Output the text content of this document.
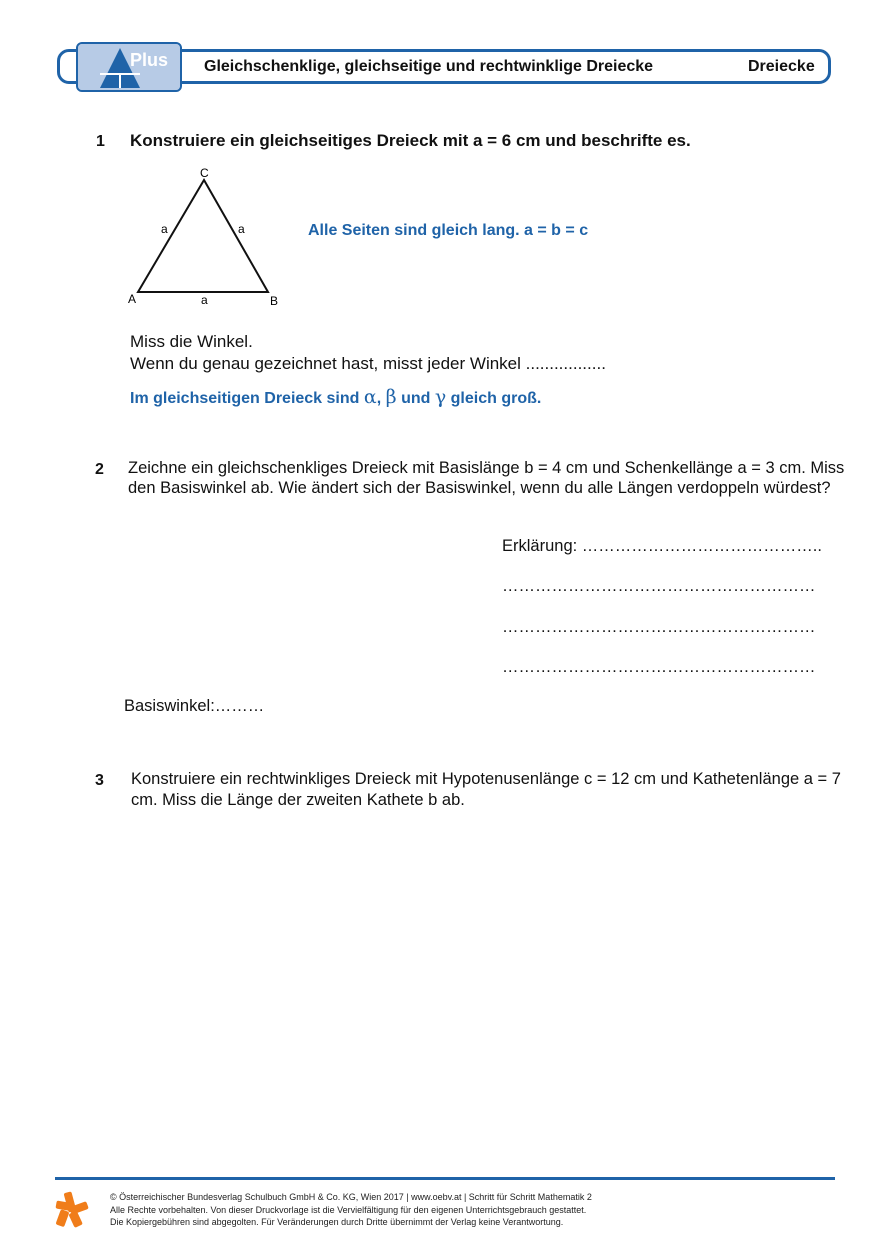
Plus Gleichschenklige, gleichseitige und rechtwinklige Dreiecke	Dreiecke
1 Konstruiere ein gleichseitiges Dreieck mit a = 6 cm und beschrifte es.
C
A	B
a	a
a
Alle Seiten sind gleich lang. a = b = c
Miss die Winkel.
Wenn du genau gezeichnet hast, misst jeder Winkel .................
Im gleichseitigen Dreieck sind α, β und γ gleich groß.
2 Zeichne ein gleichschenkliges Dreieck mit Basislänge b = 4 cm und Schenkellänge a = 3 cm. Miss den Basiswinkel ab. Wie ändert sich der Basiswinkel, wenn du alle Längen verdoppeln würdest?
Erklärung: ……………………………………..
…………………………………………………
…………………………………………………
…………………………………………………
Basiswinkel:………
3 Konstruiere ein rechtwinkliges Dreieck mit Hypotenusenlänge c = 12 cm und Kathetenlänge a = 7 cm. Miss die Länge der zweiten Kathete b ab.
© Österreichischer Bundesverlag Schulbuch GmbH & Co. KG, Wien 2017 | www.oebv.at | Schritt für Schritt Mathematik 2
Alle Rechte vorbehalten. Von dieser Druckvorlage ist die Vervielfältigung für den eigenen Unterrichtsgebrauch gestattet.
Die Kopiergebühren sind abgegolten. Für Veränderungen durch Dritte übernimmt der Verlag keine Verantwortung.
